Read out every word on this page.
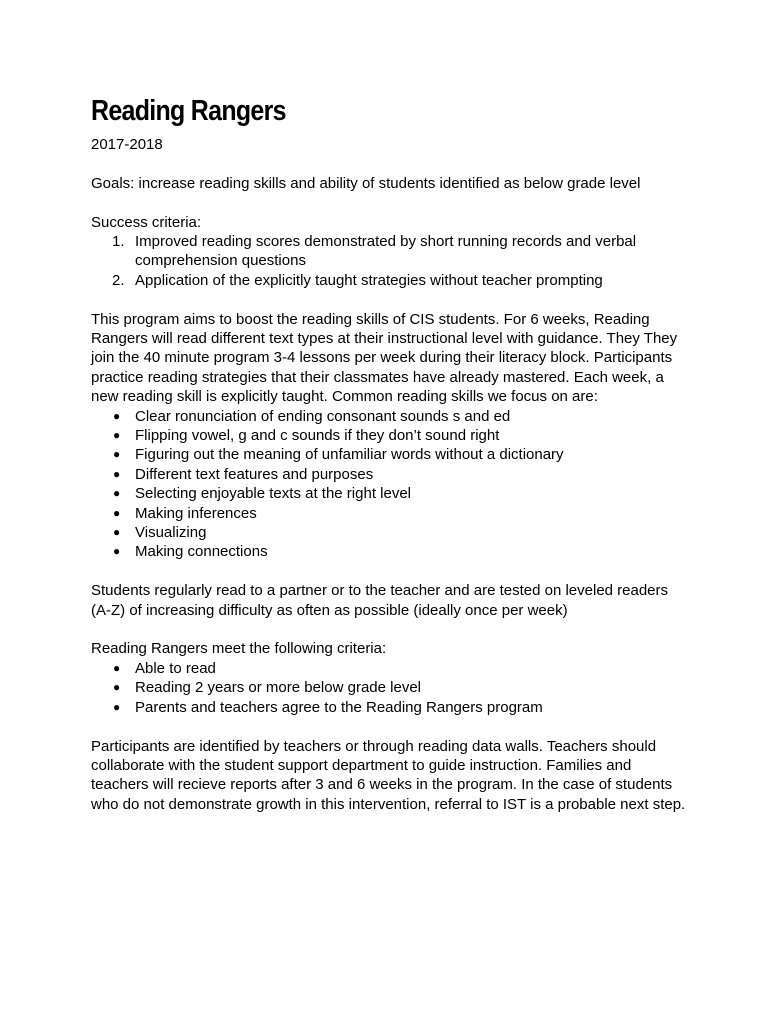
Reading Rangers

2017-2018

Goals: increase reading skills and ability of students identified as below grade level

Success criteria:

1. Improved reading scores demonstrated by short running records and verbal comprehension questions
2. Application of the explicitly taught strategies without teacher prompting

This program aims to boost the reading skills of CIS students. For 6 weeks, Reading Rangers will read different text types at their instructional level with guidance. They They join the 40 minute program 3-4 lessons per week during their literacy block. Participants practice reading strategies that their classmates have already mastered. Each week, a new reading skill is explicitly taught. Common reading skills we focus on are:

● Clear ronunciation of ending consonant sounds s and ed
● Flipping vowel, g and c sounds if they don’t sound right
● Figuring out the meaning of unfamiliar words without a dictionary
● Different text features and purposes
● Selecting enjoyable texts at the right level
● Making inferences
● Visualizing
● Making connections

Students regularly read to a partner or to the teacher and are tested on leveled readers (A-Z) of increasing difficulty as often as possible (ideally once per week)

Reading Rangers meet the following criteria:

● Able to read
● Reading 2 years or more below grade level
● Parents and teachers agree to the Reading Rangers program

Participants are identified by teachers or through reading data walls. Teachers should collaborate with the student support department to guide instruction. Families and teachers will recieve reports after 3 and 6 weeks in the program. In the case of students who do not demonstrate growth in this intervention, referral to IST is a probable next step.
